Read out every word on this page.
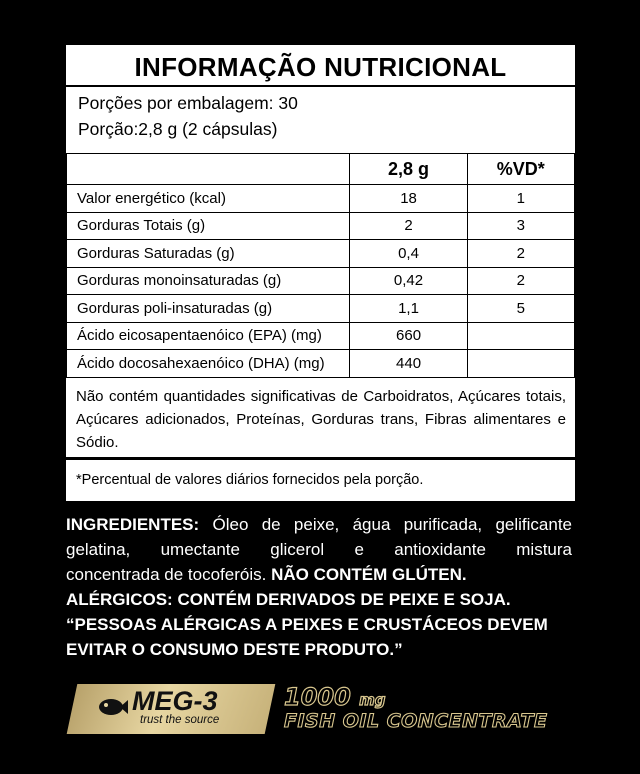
INFORMAÇÃO NUTRICIONAL
Porções por embalagem: 30
Porção:2,8 g (2 cápsulas)
	2,8 g	%VD*
Valor energético (kcal)	18	1
Gorduras Totais (g)	2	3
Gorduras Saturadas (g)	0,4	2
Gorduras monoinsaturadas (g)	0,42	2
Gorduras poli-insaturadas (g)	1,1	5
Ácido eicosapentaenóico (EPA) (mg)	660	
Ácido docosahexaenóico (DHA) (mg)	440	
Não contém quantidades significativas de Carboidratos, Açúcares totais, Açúcares adicionados, Proteínas, Gorduras trans, Fibras alimentares e Sódio.
*Percentual de valores diários fornecidos pela porção.
INGREDIENTES: Óleo de peixe, água purificada, gelificante
gelatina, umectante glicerol e antioxidante mistura
concentrada de tocoferóis. NÃO CONTÉM GLÚTEN.
ALÉRGICOS: CONTÉM DERIVADOS DE PEIXE E SOJA.
“PESSOAS ALÉRGICAS A PEIXES E CRUSTÁCEOS DEVEM
EVITAR O CONSUMO DESTE PRODUTO.”
MEG-3
trust the source
1000 mg
FISH OIL CONCENTRATE
